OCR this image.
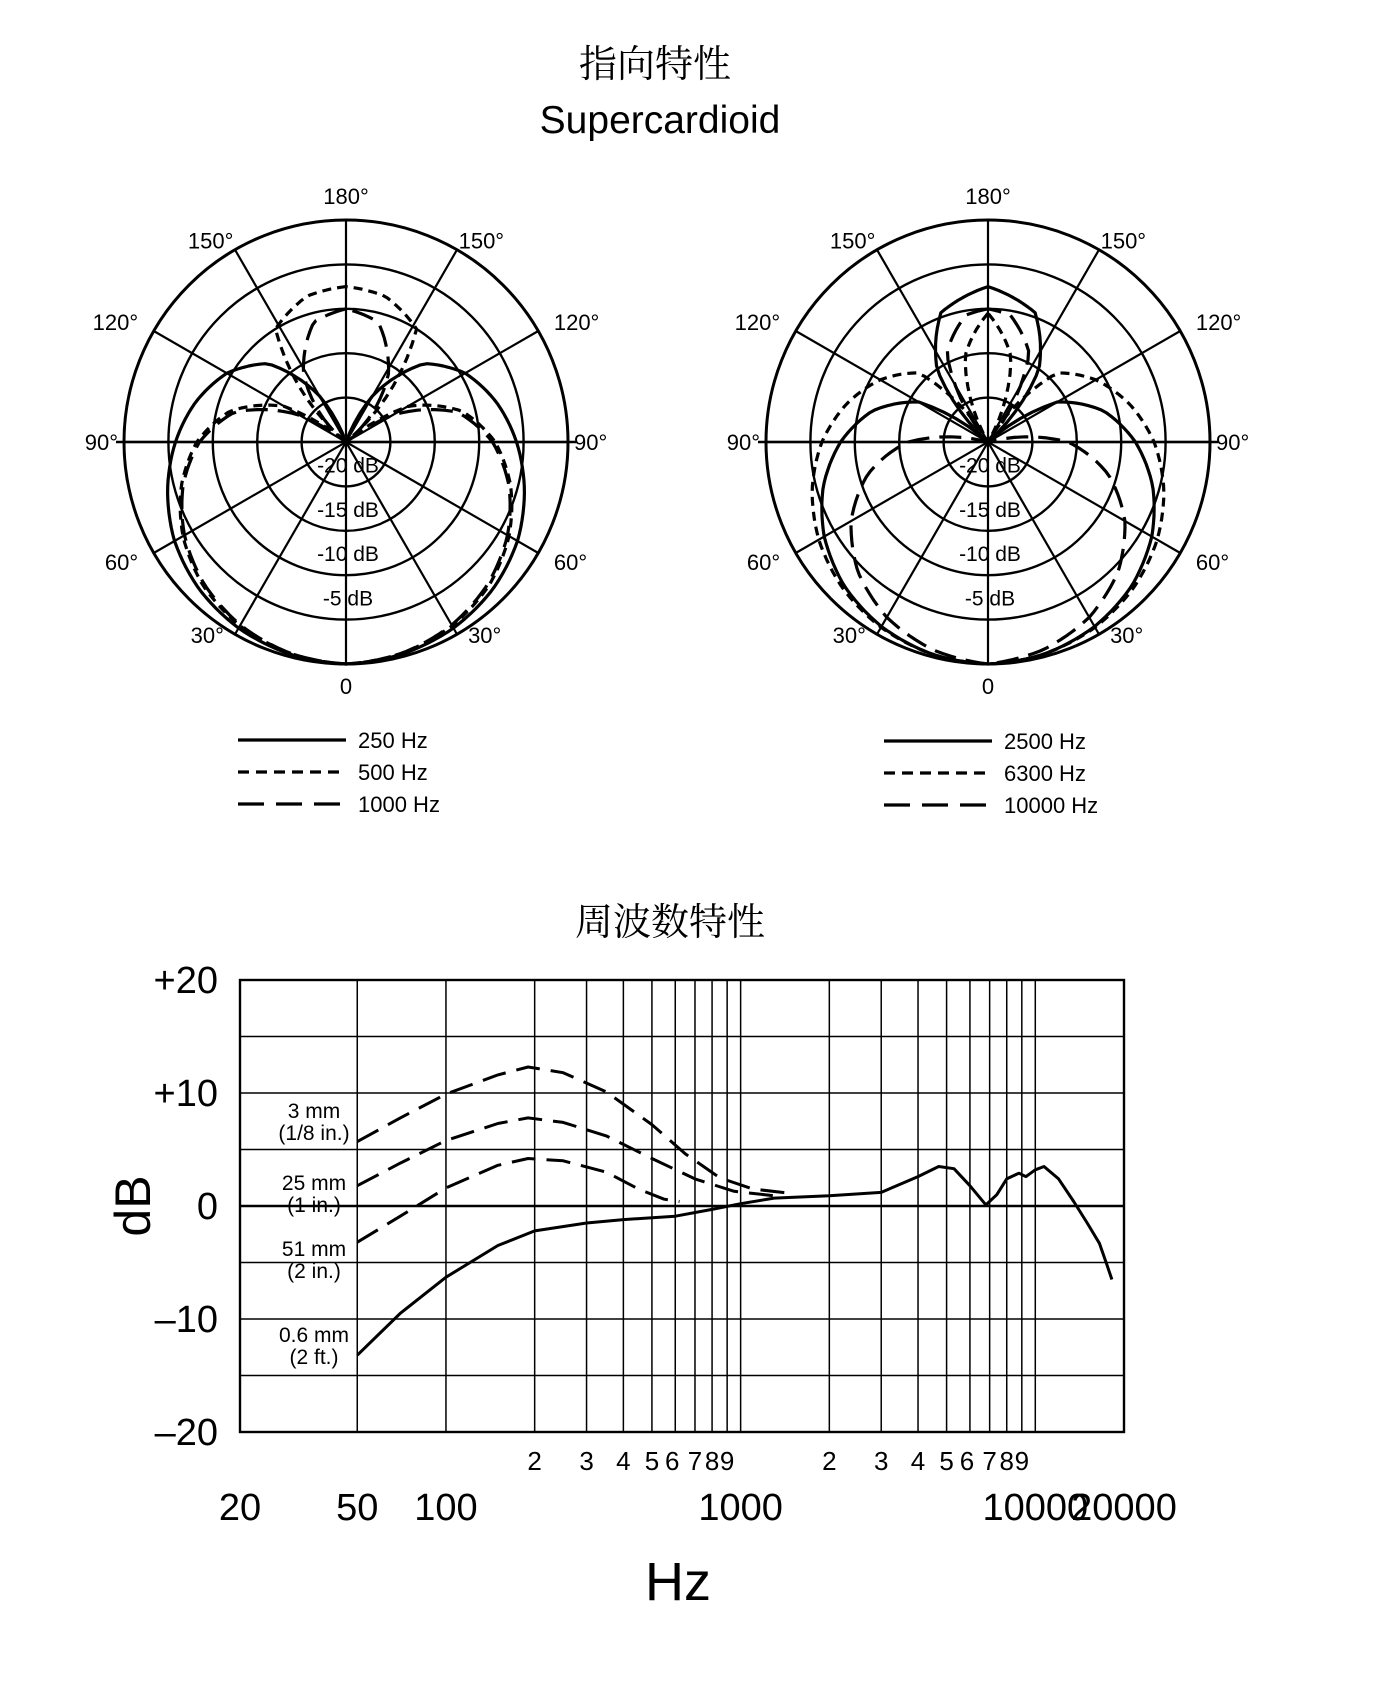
指向特性
Supercardioid
-5 dB
-10 dB
-15 dB
-20 dB
0
30°
30°
60°
60°
90°
90°
120°
120°
150°
150°
180°
-5 dB
-10 dB
-15 dB
-20 dB
0
30°
30°
60°
60°
90°
90°
120°
120°
150°
150°
180°
250 Hz
500 Hz
1000 Hz
2500 Hz
6300 Hz
10000 Hz
周波数特性
+20
+10
0
–10
–20
2 3 4 5 6 7 8 9	2 3 4 5 6 7 8 9
20 50 100	1000	10000
20000
Hz
dB
3 mm
(1/8 in.)
25 mm
(1 in.)
51 mm
(2 in.)
0.6 mm
(2 ft.)
